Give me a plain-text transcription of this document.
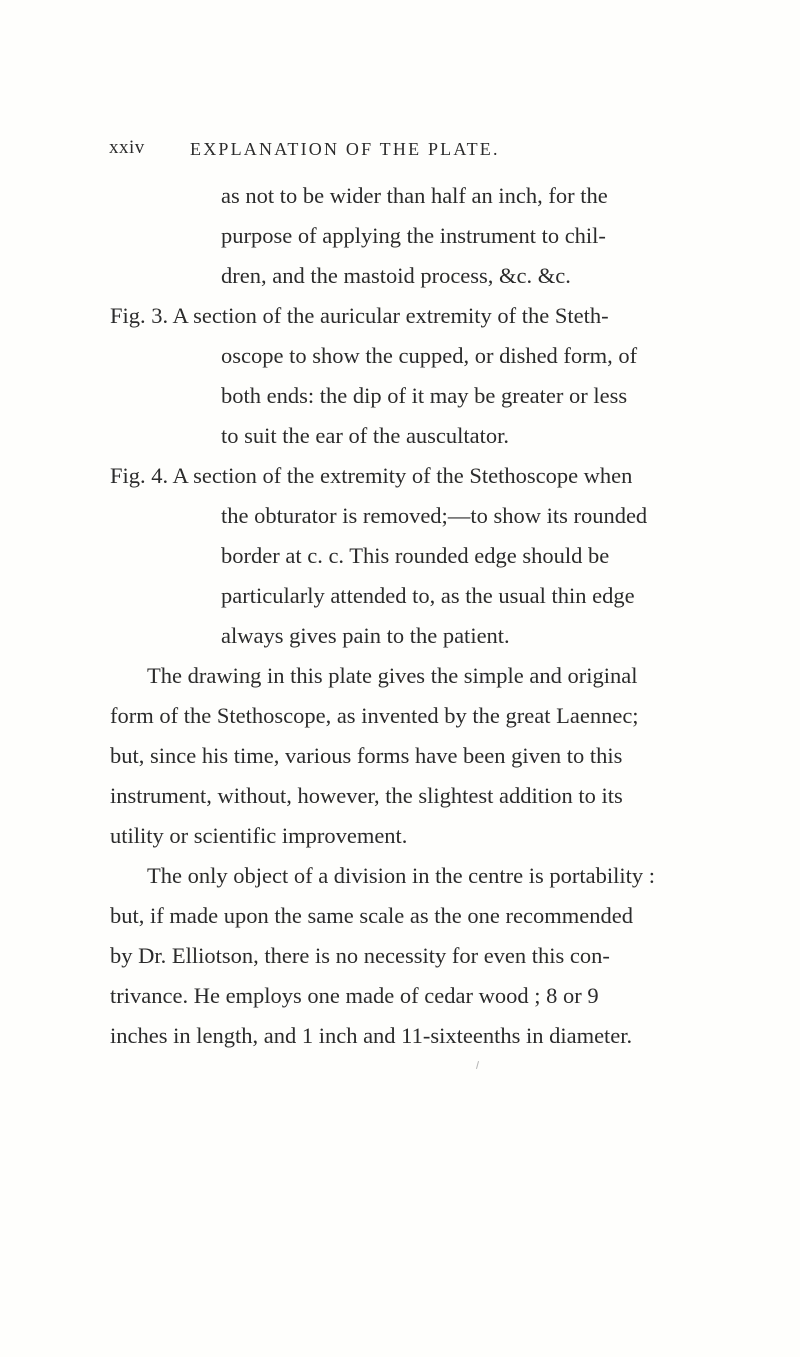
xxiv	EXPLANATION OF THE PLATE.
as not to be wider than half an inch, for the
purpose of applying the instrument to chil-
dren, and the mastoid process, &c. &c.
Fig. 3. A section of the auricular extremity of the Steth-
oscope to show the cupped, or dished form, of
both ends: the dip of it may be greater or less
to suit the ear of the auscultator.
Fig. 4. A section of the extremity of the Stethoscope when
the obturator is removed;—to show its rounded
border at c. c. This rounded edge should be
particularly attended to, as the usual thin edge
always gives pain to the patient.
The drawing in this plate gives the simple and original
form of the Stethoscope, as invented by the great Laennec;
but, since his time, various forms have been given to this
instrument, without, however, the slightest addition to its
utility or scientific improvement.
The only object of a division in the centre is portability :
but, if made upon the same scale as the one recommended
by Dr. Elliotson, there is no necessity for even this con-
trivance. He employs one made of cedar wood ; 8 or 9
inches in length, and 1 inch and 11-sixteenths in diameter.
